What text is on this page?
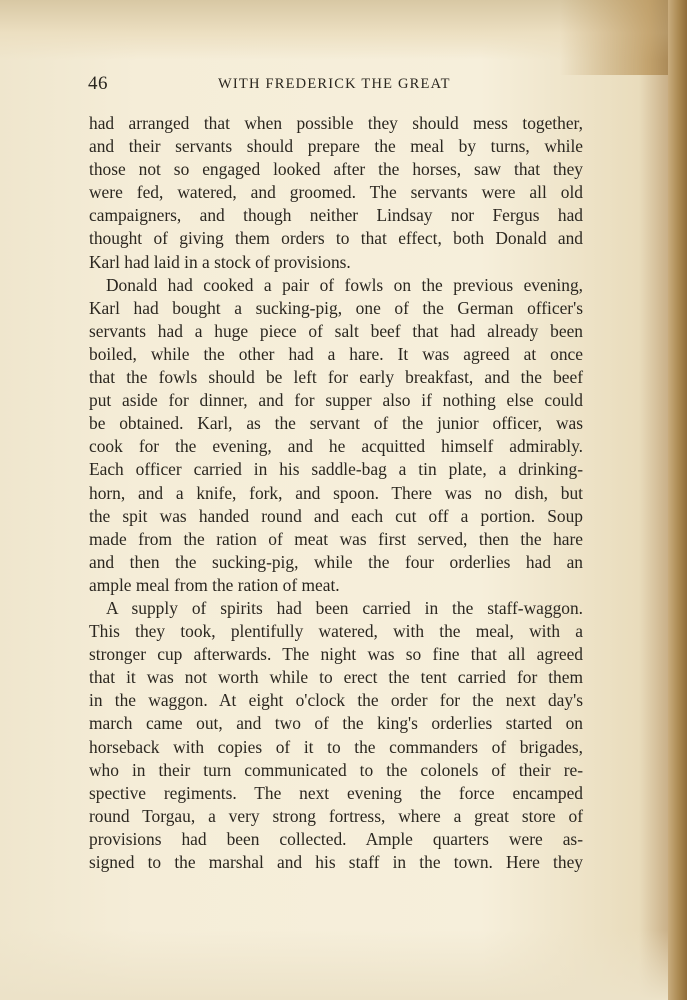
46	WITH FREDERICK THE GREAT
had arranged that when possible they should mess together,
and their servants should prepare the meal by turns, while
those not so engaged looked after the horses, saw that they
were fed, watered, and groomed. The servants were all old
campaigners, and though neither Lindsay nor Fergus had
thought of giving them orders to that effect, both Donald and
Karl had laid in a stock of provisions.
Donald had cooked a pair of fowls on the previous evening,
Karl had bought a sucking-pig, one of the German officer's
servants had a huge piece of salt beef that had already been
boiled, while the other had a hare. It was agreed at once
that the fowls should be left for early breakfast, and the beef
put aside for dinner, and for supper also if nothing else could
be obtained. Karl, as the servant of the junior officer, was
cook for the evening, and he acquitted himself admirably.
Each officer carried in his saddle-bag a tin plate, a drinking-
horn, and a knife, fork, and spoon. There was no dish, but
the spit was handed round and each cut off a portion. Soup
made from the ration of meat was first served, then the hare
and then the sucking-pig, while the four orderlies had an
ample meal from the ration of meat.
A supply of spirits had been carried in the staff-waggon.
This they took, plentifully watered, with the meal, with a
stronger cup afterwards. The night was so fine that all agreed
that it was not worth while to erect the tent carried for them
in the waggon. At eight o'clock the order for the next day's
march came out, and two of the king's orderlies started on
horseback with copies of it to the commanders of brigades,
who in their turn communicated to the colonels of their re-
spective regiments. The next evening the force encamped
round Torgau, a very strong fortress, where a great store of
provisions had been collected. Ample quarters were as-
signed to the marshal and his staff in the town. Here they
